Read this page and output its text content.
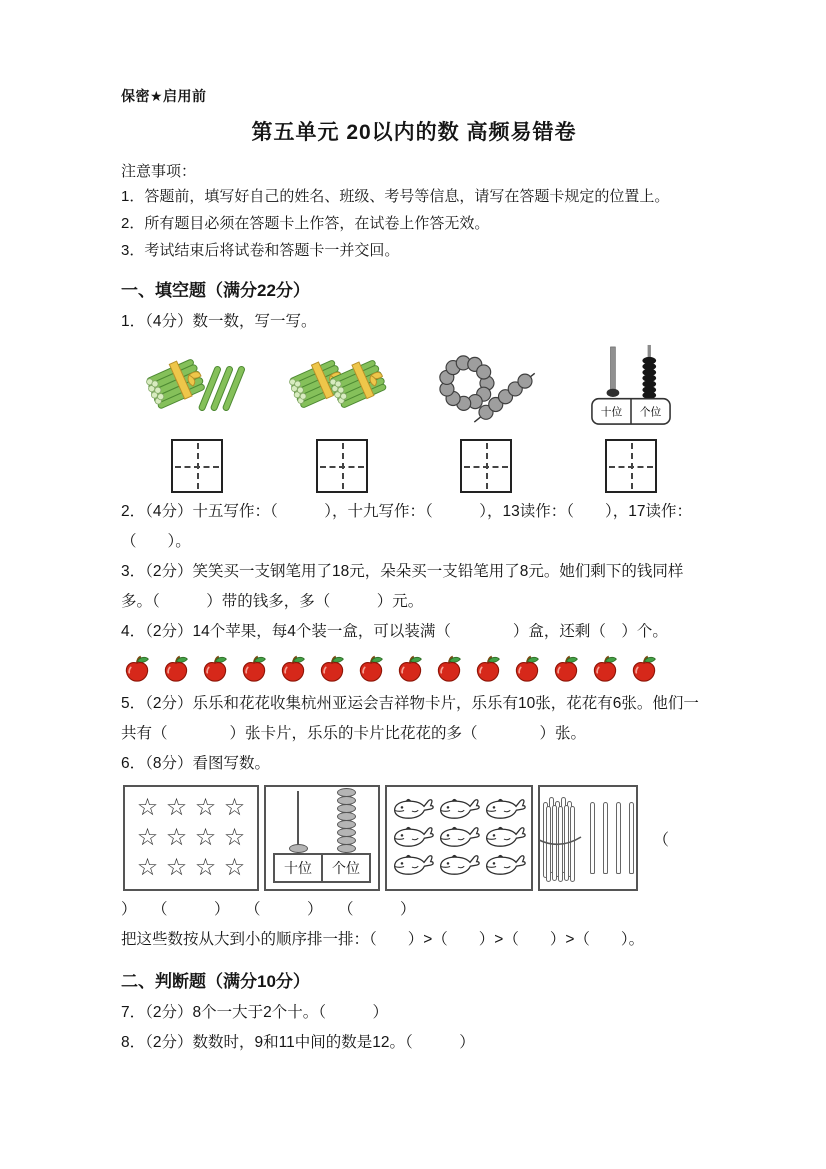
保密★启用前
第五单元 20以内的数 高频易错卷
注意事项：
1．答题前，填写好自己的姓名、班级、考号等信息，请写在答题卡规定的位置上。
2．所有题目必须在答题卡上作答，在试卷上作答无效。
3．考试结束后将试卷和答题卡一并交回。
一、填空题（满分22分）
1．（4分）数一数，写一写。
十位 个位
2．（4分）十五写作：（　　　），十九写作：（　　　），13读作：（　　），17读作：（　　）。
3．（2分）笑笑买一支钢笔用了18元，朵朵买一支铅笔用了8元。她们剩下的钱同样多。（　　　）带的钱多，多（　　　）元。
4．（2分）14个苹果，每4个装一盒，可以装满（　　　　）盒，还剩（　）个。
5．（2分）乐乐和花花收集杭州亚运会吉祥物卡片，乐乐有10张，花花有6张。他们一共有（　　　　）张卡片，乐乐的卡片比花花的多（　　　　）张。
6．（8分）看图写数。
☆ ☆ ☆ ☆
☆ ☆ ☆ ☆
☆ ☆ ☆ ☆	十位	个位
（
）　　（　　　）　　（　　　）　　（　　　）
把这些数按从大到小的顺序排一排：（　　）>（　　）>（　　）>（　　）。
二、判断题（满分10分）
7．（2分）8个一大于2个十。（　　　）
8．（2分）数数时，9和11中间的数是12。（　　　）
